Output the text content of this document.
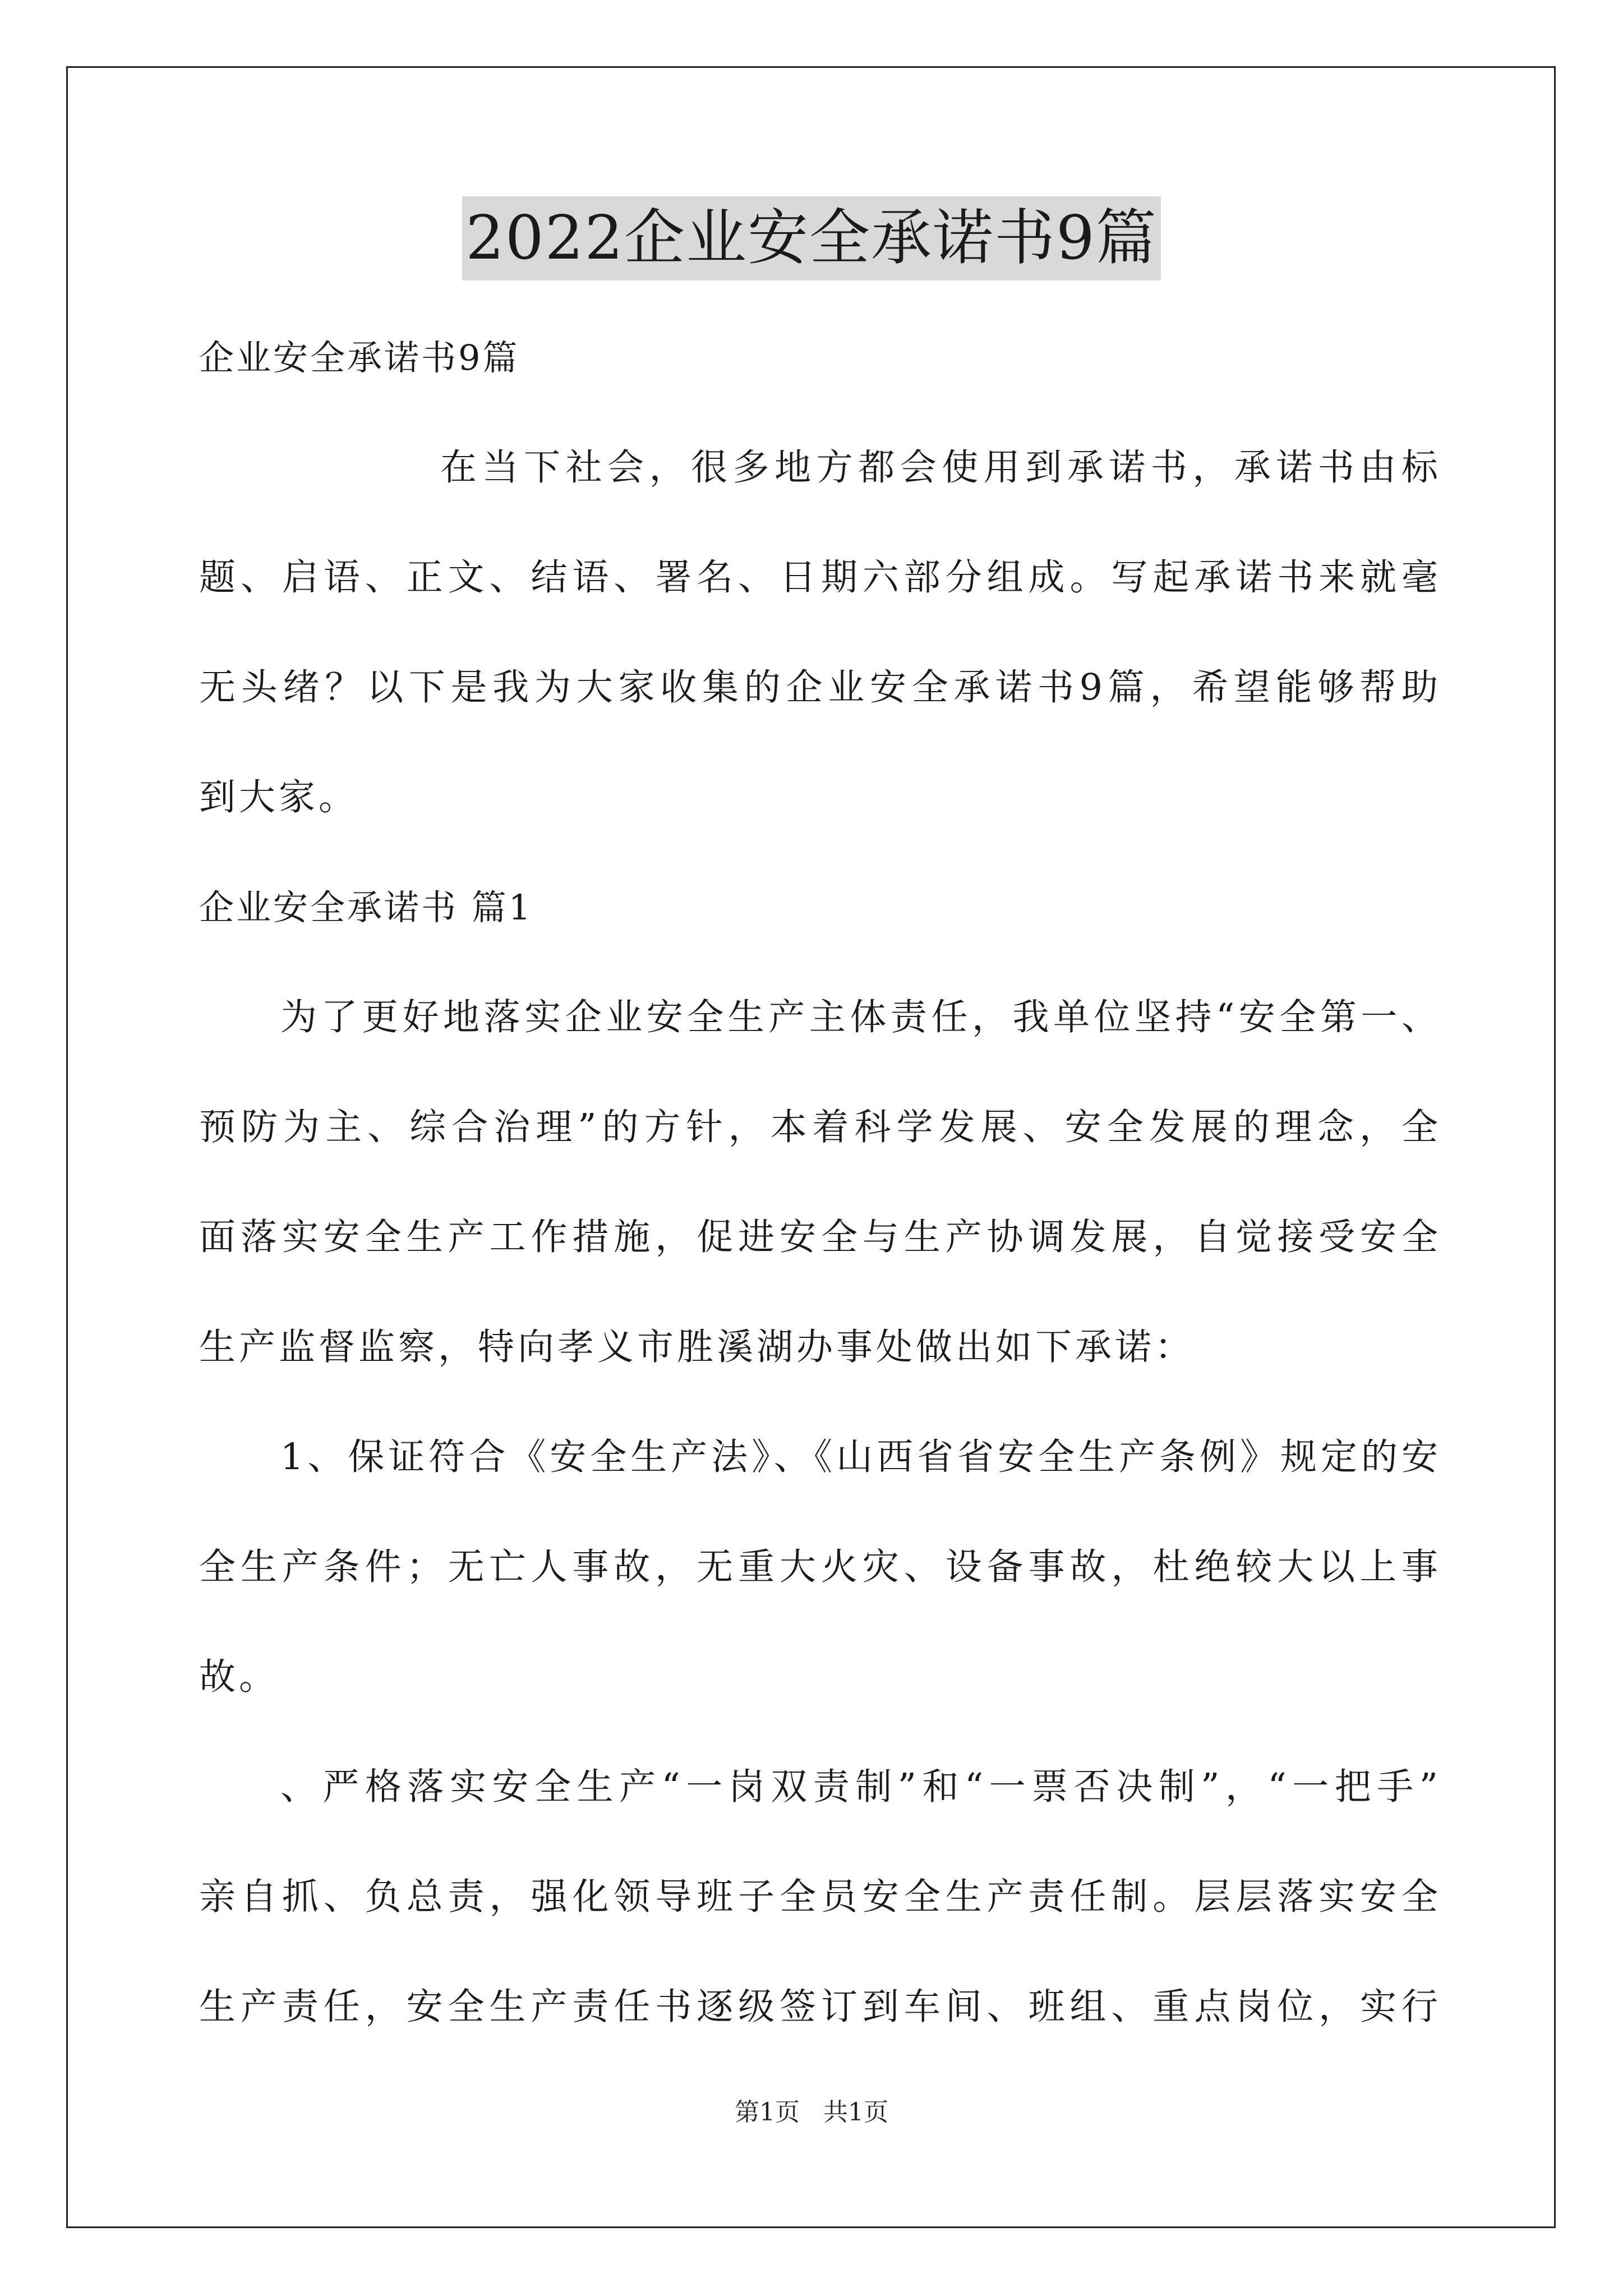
2022企业安全承诺书9篇

企业安全承诺书9篇

在当下社会，很多地方都会使用到承诺书，承诺书由标

题、启语、正文、结语、署名、日期六部分组成。写起承诺书来就毫

无头绪？以下是我为大家收集的企业安全承诺书9篇，希望能够帮助

到大家。

企业安全承诺书 篇1

为了更好地落实企业安全生产主体责任，我单位坚持“安全第一、

预防为主、综合治理”的方针，本着科学发展、安全发展的理念，全

面落实安全生产工作措施，促进安全与生产协调发展，自觉接受安全

生产监督监察，特向孝义市胜溪湖办事处做出如下承诺：

1、保证符合《安全生产法》、《山西省省安全生产条例》规定的安

全生产条件；无亡人事故，无重大火灾、设备事故，杜绝较大以上事

故。

、严格落实安全生产“一岗双责制”和“一票否决制”，“一把手”

亲自抓、负总责，强化领导班子全员安全生产责任制。层层落实安全

生产责任，安全生产责任书逐级签订到车间、班组、重点岗位，实行

第1页   共1页
